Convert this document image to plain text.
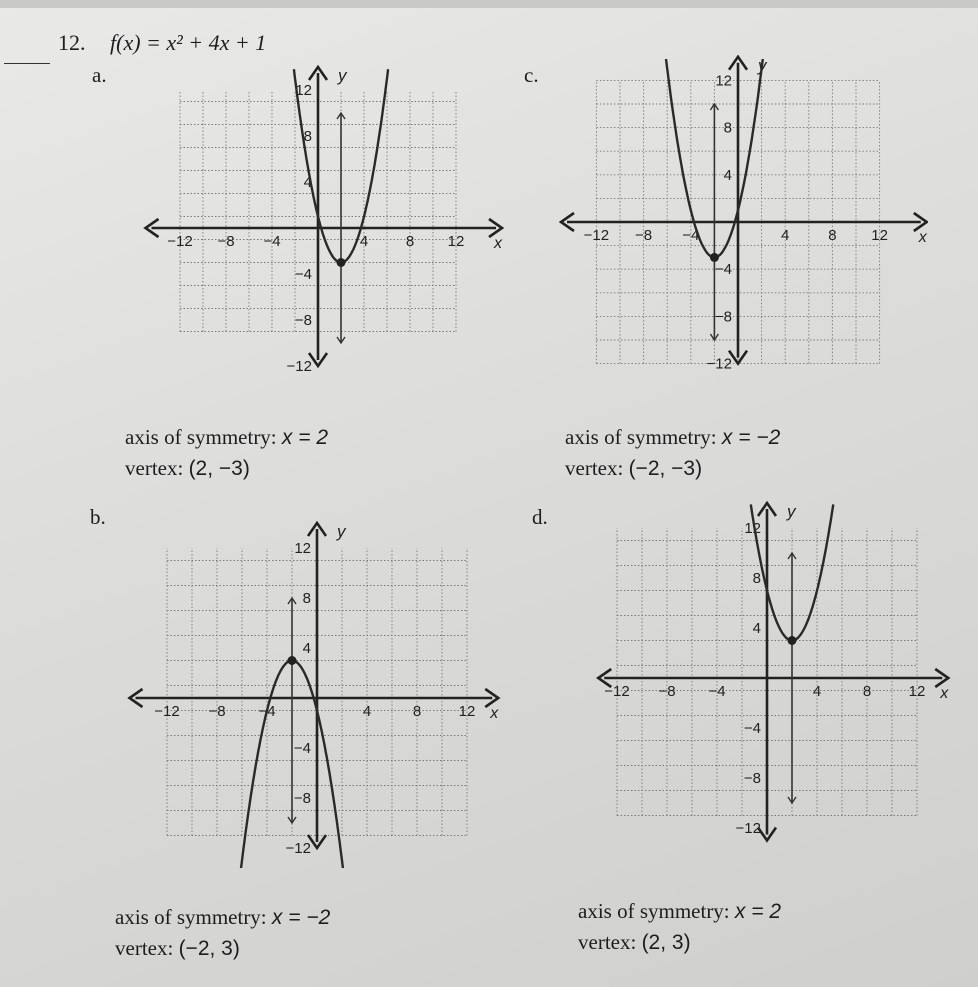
12. f(x) = x² + 4x + 1
a.
−12 −8 −4	4	8 12
12
8
4
−4
−8
−12
x
y
axis of symmetry: x = 2
vertex: (2, −3)
c.
−12 −8 −4	4	8 12
12
8
4
−4
−8
−12
x
y
axis of symmetry: x = −2
vertex: (−2, −3)
b.
−12 −8 −4	4	8 12
12
8
4
−4
−8
−12
x
y
axis of symmetry: x = −2
vertex: (−2, 3)
d.
−12 −8 −4	4	8 12
12
8
4
−4
−8
−12
x
y
axis of symmetry: x = 2
vertex: (2, 3)
